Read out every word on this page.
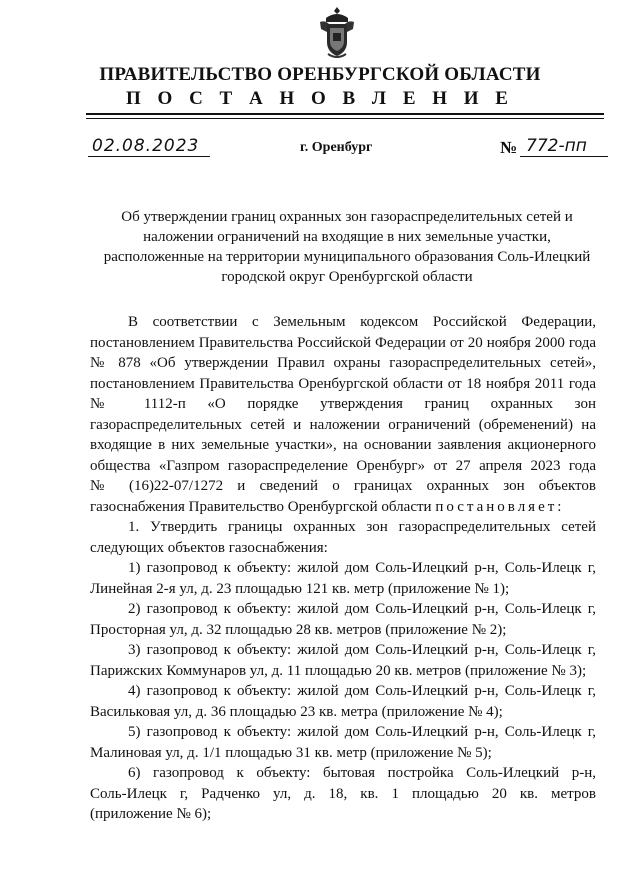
ПРАВИТЕЛЬСТВО ОРЕНБУРГСКОЙ ОБЛАСТИ
П О С Т А Н О В Л Е Н И Е
02.08.2023	г. Оренбург	№ 772-пп
Об утверждении границ охранных зон газораспределительных сетей и
наложении ограничений на входящие в них земельные участки,
расположенные на территории муниципального образования Соль-Илецкий
городской округ Оренбургской области
В соответствии с Земельным кодексом Российской Федерации,
постановлением Правительства Российской Федерации от 20 ноября 2000 года
№ 878 «Об утверждении Правил охраны газораспределительных сетей»,
постановлением Правительства Оренбургской области от 18 ноября 2011 года
№ 1112-п «О порядке утверждения границ охранных зон
газораспределительных сетей и наложении ограничений (обременений) на
входящие в них земельные участки», на основании заявления акционерного
общества «Газпром газораспределение Оренбург» от 27 апреля 2023 года
№ (16)22-07/1272 и сведений о границах охранных зон объектов
газоснабжения Правительство Оренбургской области постановляет:
1. Утвердить границы охранных зон газораспределительных сетей
следующих объектов газоснабжения:
1) газопровод к объекту: жилой дом Соль-Илецкий р-н, Соль-Илецк г,
Линейная 2-я ул, д. 23 площадью 121 кв. метр (приложение № 1);
2) газопровод к объекту: жилой дом Соль-Илецкий р-н, Соль-Илецк г,
Просторная ул, д. 32 площадью 28 кв. метров (приложение № 2);
3) газопровод к объекту: жилой дом Соль-Илецкий р-н, Соль-Илецк г,
Парижских Коммунаров ул, д. 11 площадью 20 кв. метров (приложение № 3);
4) газопровод к объекту: жилой дом Соль-Илецкий р-н, Соль-Илецк г,
Васильковая ул, д. 36 площадью 23 кв. метра (приложение № 4);
5) газопровод к объекту: жилой дом Соль-Илецкий р-н, Соль-Илецк г,
Малиновая ул, д. 1/1 площадью 31 кв. метр (приложение № 5);
6) газопровод к объекту: бытовая постройка Соль-Илецкий р-н,
Соль-Илецк г, Радченко ул, д. 18, кв. 1 площадью 20 кв. метров
(приложение № 6);
